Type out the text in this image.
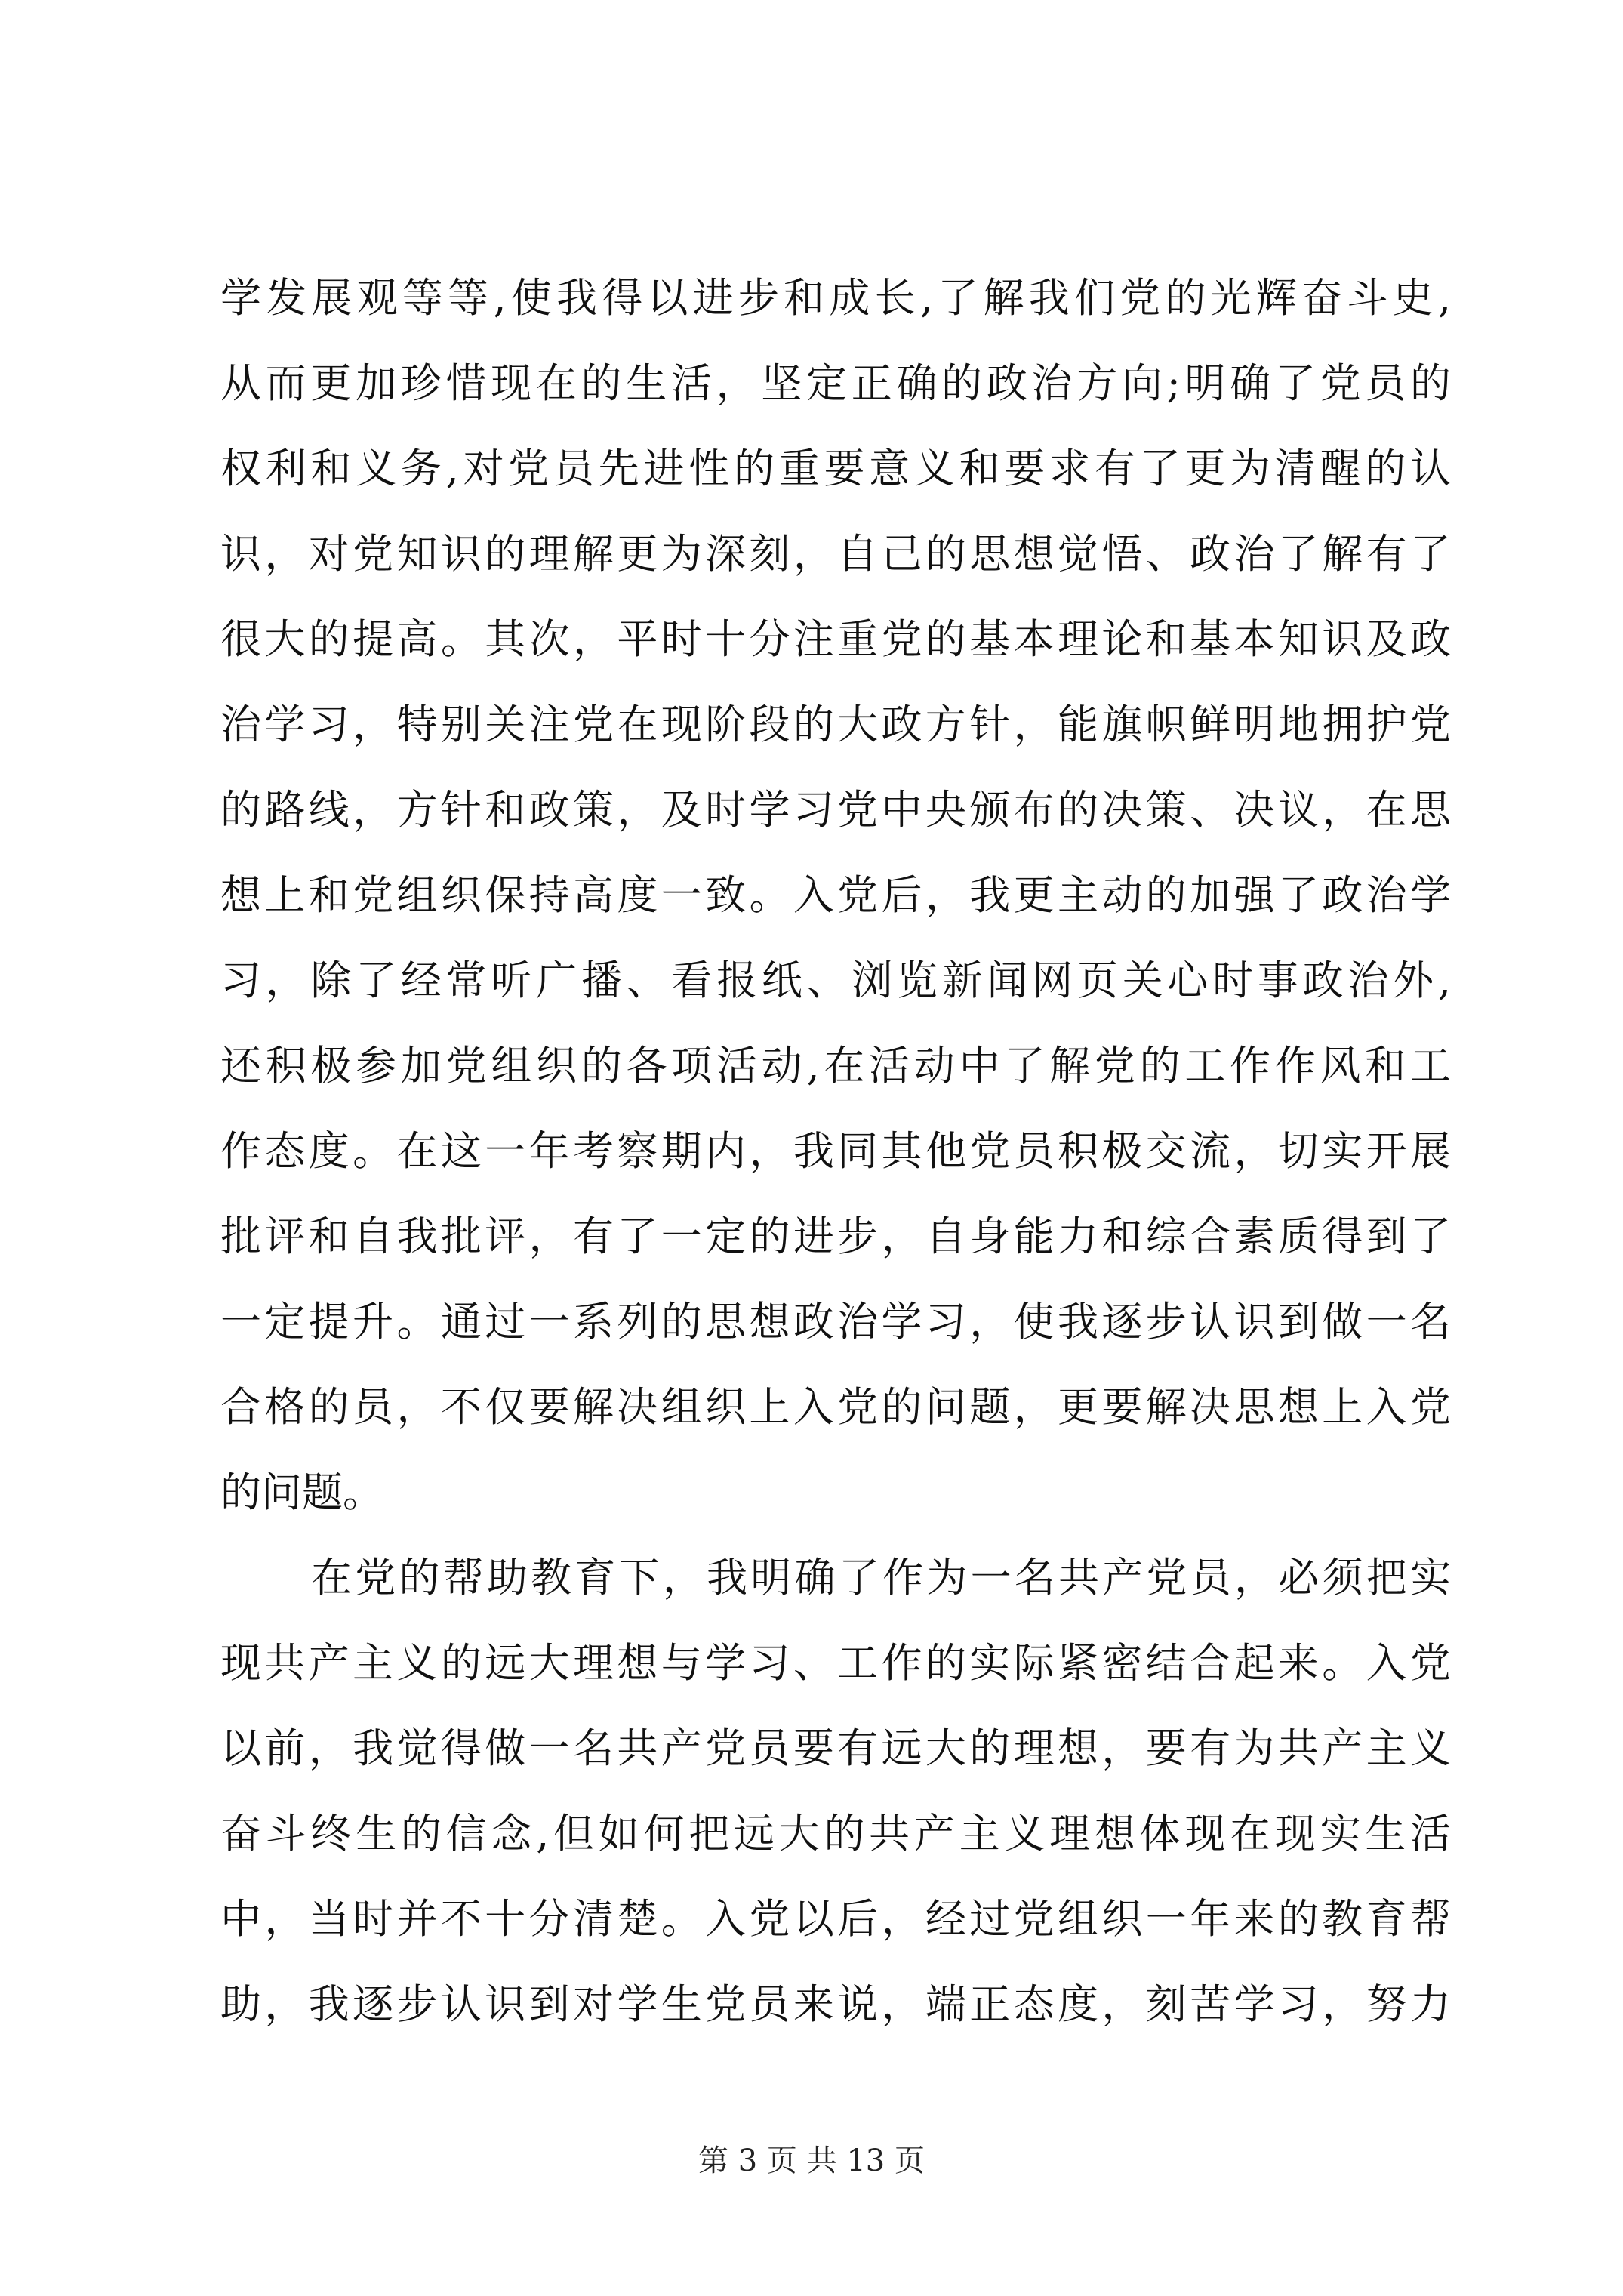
学发展观等等,使我得以进步和成长,了解我们党的光辉奋斗史,
从而更加珍惜现在的生活，坚定正确的政治方向;明确了党员的
权利和义务,对党员先进性的重要意义和要求有了更为清醒的认
识，对党知识的理解更为深刻，自己的思想觉悟、政治了解有了
很大的提高。其次，平时十分注重党的基本理论和基本知识及政
治学习，特别关注党在现阶段的大政方针，能旗帜鲜明地拥护党
的路线，方针和政策，及时学习党中央颁布的决策、决议，在思
想上和党组织保持高度一致。入党后，我更主动的加强了政治学
习，除了经常听广播、看报纸、浏览新闻网页关心时事政治外,
还积极参加党组织的各项活动,在活动中了解党的工作作风和工
作态度。在这一年考察期内，我同其他党员积极交流，切实开展
批评和自我批评，有了一定的进步，自身能力和综合素质得到了
一定提升。通过一系列的思想政治学习，使我逐步认识到做一名
合格的员，不仅要解决组织上入党的问题，更要解决思想上入党
的问题。
在党的帮助教育下，我明确了作为一名共产党员，必须把实
现共产主义的远大理想与学习、工作的实际紧密结合起来。入党
以前，我觉得做一名共产党员要有远大的理想，要有为共产主义
奋斗终生的信念,但如何把远大的共产主义理想体现在现实生活
中，当时并不十分清楚。入党以后，经过党组织一年来的教育帮
助，我逐步认识到对学生党员来说，端正态度，刻苦学习，努力
第 3 页 共 13 页
